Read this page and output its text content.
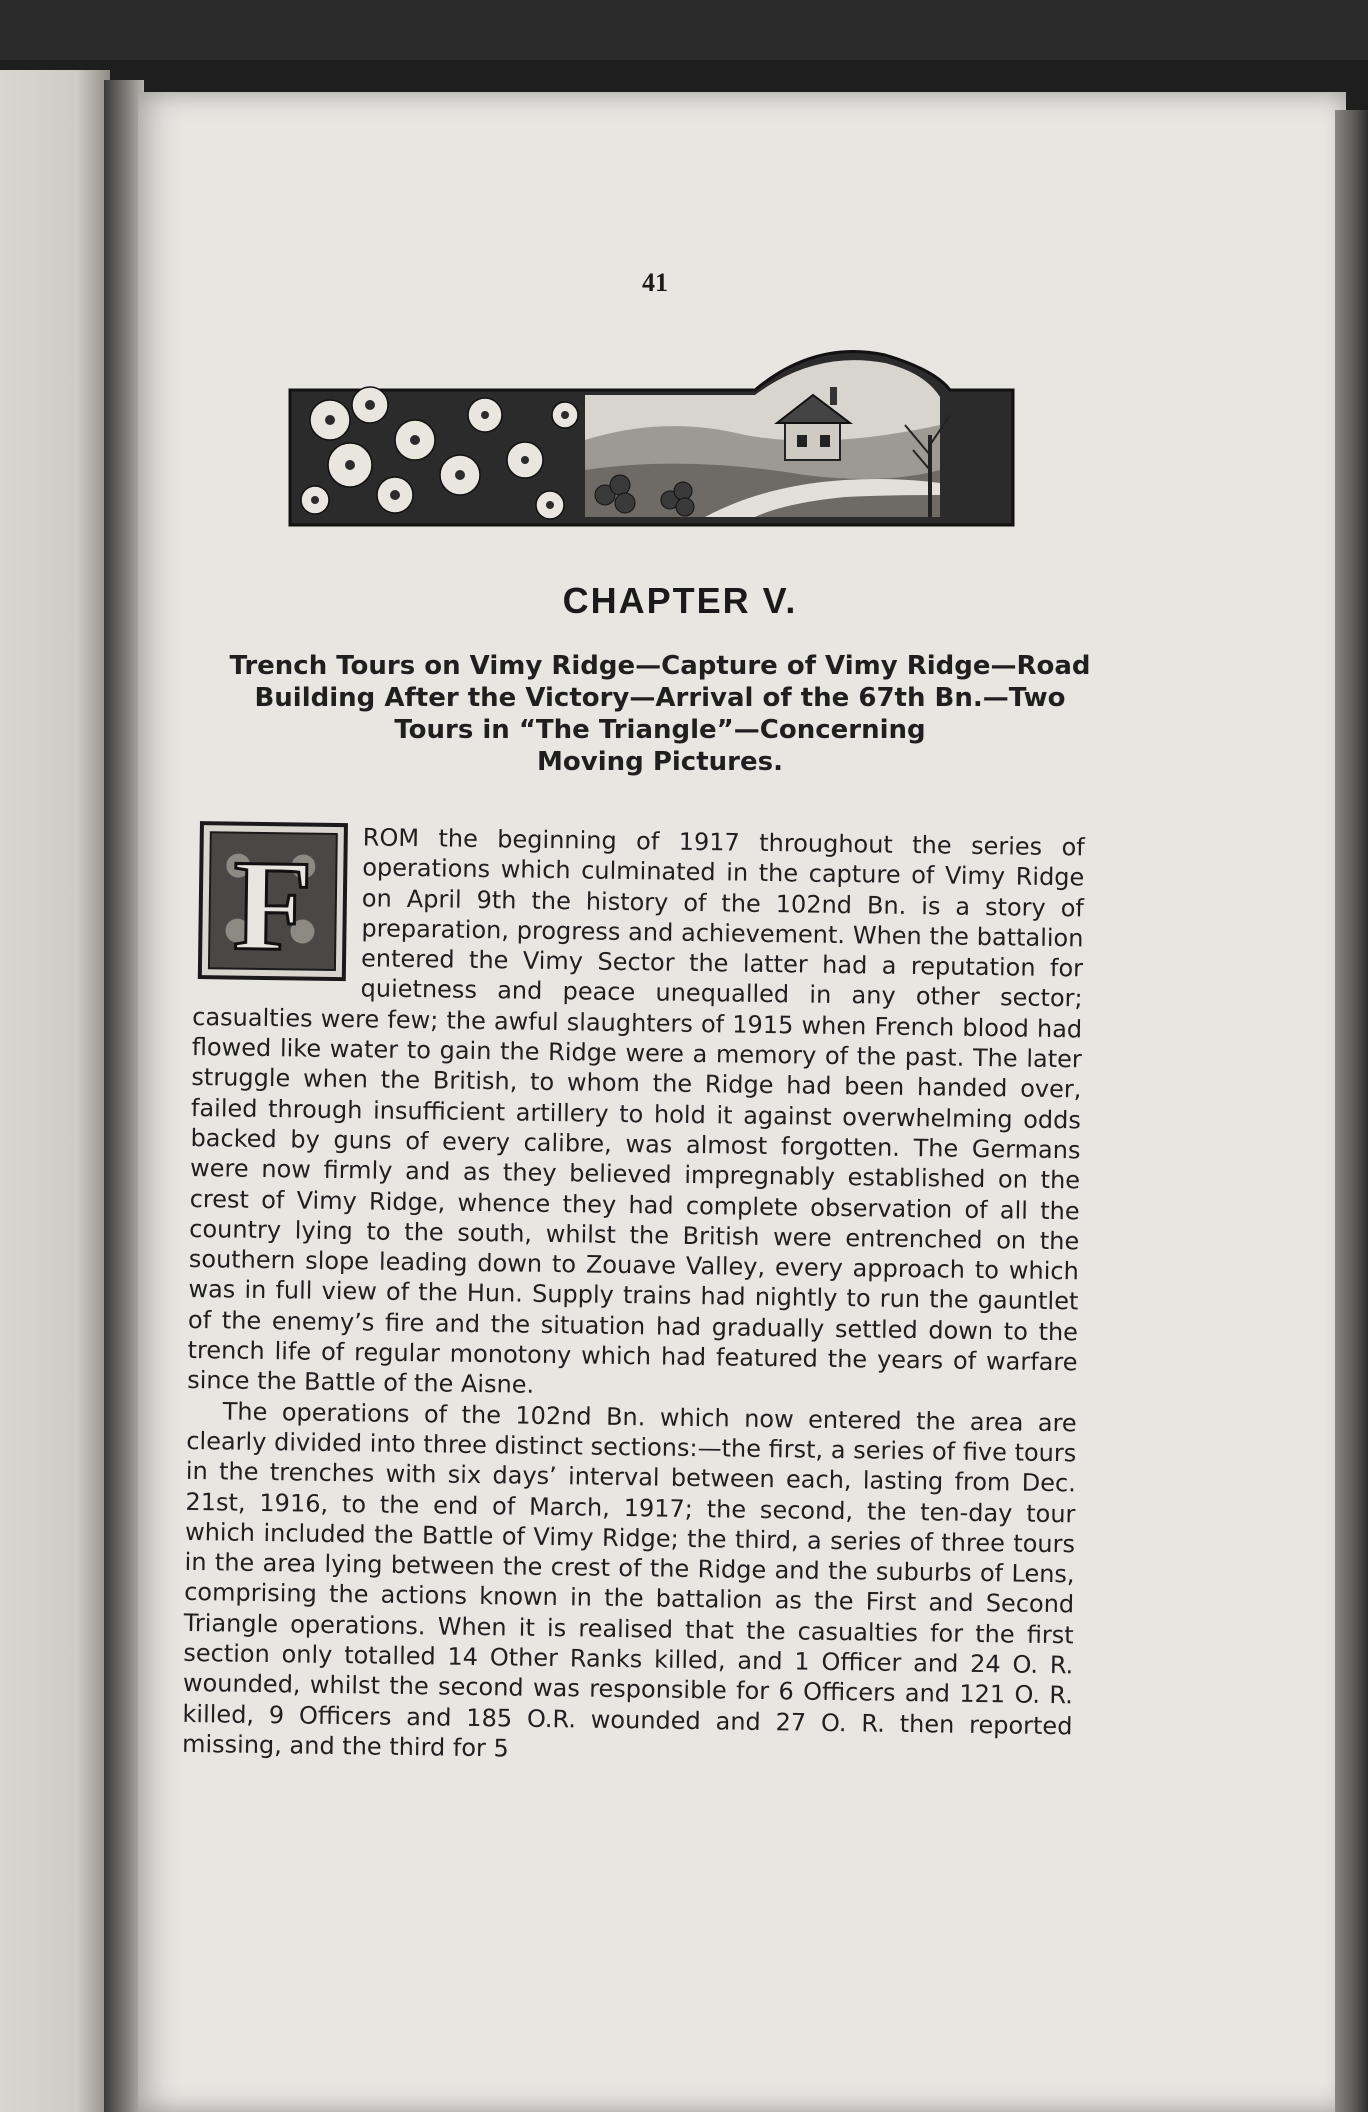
41
CHAPTER V.
Trench Tours on Vimy Ridge—Capture of Vimy Ridge—Road
Building After the Victory—Arrival of the 67th Bn.—Two
Tours in “The Triangle”—Concerning
Moving Pictures.

F ROM the beginning of 1917 throughout the series of operations which culminated in the capture of Vimy Ridge on April 9th the history of the 102nd Bn. is a story of preparation, progress and achievement. When the battalion entered the Vimy Sector the latter had a reputation for quietness and peace unequalled in any other sector; casualties were few; the awful slaughters of 1915 when French blood had flowed like water to gain the Ridge were a memory of the past. The later struggle when the British, to whom the Ridge had been handed over, failed through insufficient artillery to hold it against overwhelming odds backed by guns of every calibre, was almost forgotten. The Germans were now firmly and as they believed impregnably established on the crest of Vimy Ridge, whence they had complete observation of all the country lying to the south, whilst the British were entrenched on the southern slope leading down to Zouave Valley, every approach to which was in full view of the Hun. Supply trains had nightly to run the gauntlet of the enemy’s fire and the situation had gradually settled down to the trench life of regular monotony which had featured the years of warfare since the Battle of the Aisne.

The operations of the 102nd Bn. which now entered the area are clearly divided into three distinct sections:—the first, a series of five tours in the trenches with six days’ interval between each, lasting from Dec. 21st, 1916, to the end of March, 1917; the second, the ten-day tour which included the Battle of Vimy Ridge; the third, a series of three tours in the area lying between the crest of the Ridge and the suburbs of Lens, comprising the actions known in the battalion as the First and Second Triangle operations. When it is realised that the casualties for the first section only totalled 14 Other Ranks killed, and 1 Officer and 24 O. R. wounded, whilst the second was responsible for 6 Officers and 121 O. R. killed, 9 Officers and 185 O.R. wounded and 27 O. R. then reported missing, and the third for 5
